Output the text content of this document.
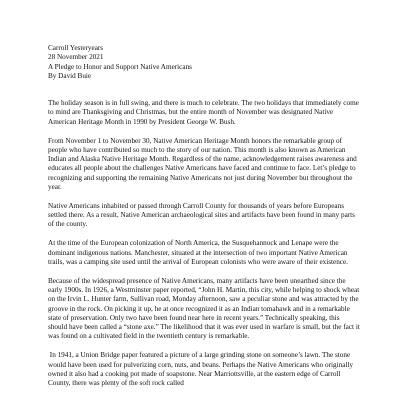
Carroll Yesteryears
28 November 2021
A Pledge to Honor and Support Native Americans
By David Buie

The holiday season is in full swing, and there is much to celebrate. The two holidays that immediately come to mind are Thanksgiving and Christmas, but the entire month of November was designated Native American Heritage Month in 1990 by President George W. Bush.

From November 1 to November 30, Native American Heritage Month honors the remarkable group of people who have contributed so much to the story of our nation. This month is also known as American Indian and Alaska Native Heritage Month. Regardless of the name, acknowledgement raises awareness and educates all people about the challenges Native Americans have faced and continue to face. Let’s pledge to recognizing and supporting the remaining Native Americans not just during November but throughout the year.

Native Americans inhabited or passed through Carroll County for thousands of years before Europeans settled there. As a result, Native American archaeological sites and artifacts have been found in many parts of the county.

At the time of the European colonization of North America, the Susquehannock and Lenape were the dominant indigenous nations. Manchester, situated at the intersection of two important Native American trails, was a camping site used until the arrival of European colonists who were aware of their existence.

Because of the widespread presence of Native Americans, many artifacts have been unearthed since the early 1900s. In 1926, a Westminster paper reported, “John H. Martin, this city, while helping to shock wheat on the Irvin L. Hunter farm, Sullivan road, Monday afternoon, saw a peculiar stone and was attracted by the groove in the rock. On picking it up, he at once recognized it as an Indian tomahawk and in a remarkable state of preservation. Only two have been found near here in recent years.” Technically speaking, this should have been called a “stone axe.” The likelihood that it was ever used in warfare is small, but the fact it was found on a cultivated field in the twentieth century is remarkable.

In 1941, a Union Bridge paper featured a picture of a large grinding stone on someone’s lawn. The stone would have been used for pulverizing corn, nuts, and beans. Perhaps the Native Americans who originally owned it also had a cooking pot made of soapstone. Near Marriottsville, at the eastern edge of Carroll County, there was plenty of the soft rock called
